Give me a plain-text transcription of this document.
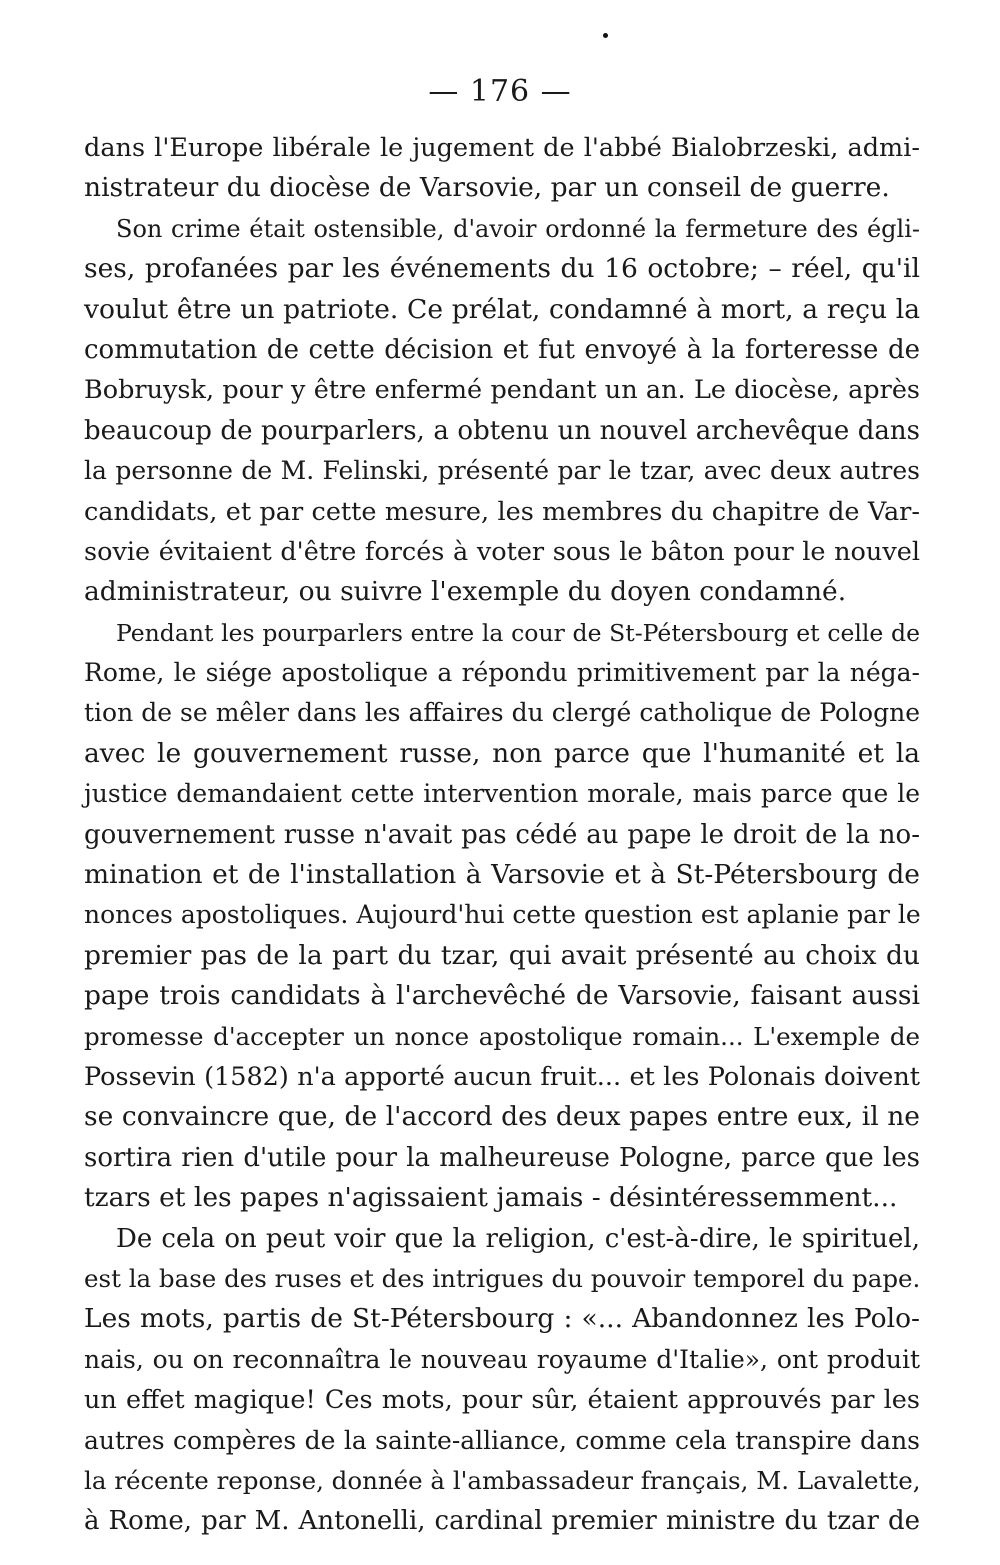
— 176 —
dans l'Europe libérale le jugement de l'abbé Bialobrzeski, admi-
nistrateur du diocèse de Varsovie, par un conseil de guerre.
Son crime était ostensible, d'avoir ordonné la fermeture des égli-
ses, profanées par les événements du 16 octobre; – réel, qu'il
voulut être un patriote. Ce prélat, condamné à mort, a reçu la
commutation de cette décision et fut envoyé à la forteresse de
Bobruysk, pour y être enfermé pendant un an. Le diocèse, après
beaucoup de pourparlers, a obtenu un nouvel archevêque dans
la personne de M. Felinski, présenté par le tzar, avec deux autres
candidats, et par cette mesure, les membres du chapitre de Var-
sovie évitaient d'être forcés à voter sous le bâton pour le nouvel
administrateur, ou suivre l'exemple du doyen condamné.
Pendant les pourparlers entre la cour de St-Pétersbourg et celle de
Rome, le siége apostolique a répondu primitivement par la néga-
tion de se mêler dans les affaires du clergé catholique de Pologne
avec le gouvernement russe, non parce que l'humanité et la
justice demandaient cette intervention morale, mais parce que le
gouvernement russe n'avait pas cédé au pape le droit de la no-
mination et de l'installation à Varsovie et à St-Pétersbourg de
nonces apostoliques. Aujourd'hui cette question est aplanie par le
premier pas de la part du tzar, qui avait présenté au choix du
pape trois candidats à l'archevêché de Varsovie, faisant aussi
promesse d'accepter un nonce apostolique romain... L'exemple de
Possevin (1582) n'a apporté aucun fruit... et les Polonais doivent
se convaincre que, de l'accord des deux papes entre eux, il ne
sortira rien d'utile pour la malheureuse Pologne, parce que les
tzars et les papes n'agissaient jamais - désintéressemment...
De cela on peut voir que la religion, c'est-à-dire, le spirituel,
est la base des ruses et des intrigues du pouvoir temporel du pape.
Les mots, partis de St-Pétersbourg : «... Abandonnez les Polo-
nais, ou on reconnaîtra le nouveau royaume d'Italie», ont produit
un effet magique! Ces mots, pour sûr, étaient approuvés par les
autres compères de la sainte-alliance, comme cela transpire dans
la récente reponse, donnée à l'ambassadeur français, M. Lavalette,
à Rome, par M. Antonelli, cardinal premier ministre du tzar de
